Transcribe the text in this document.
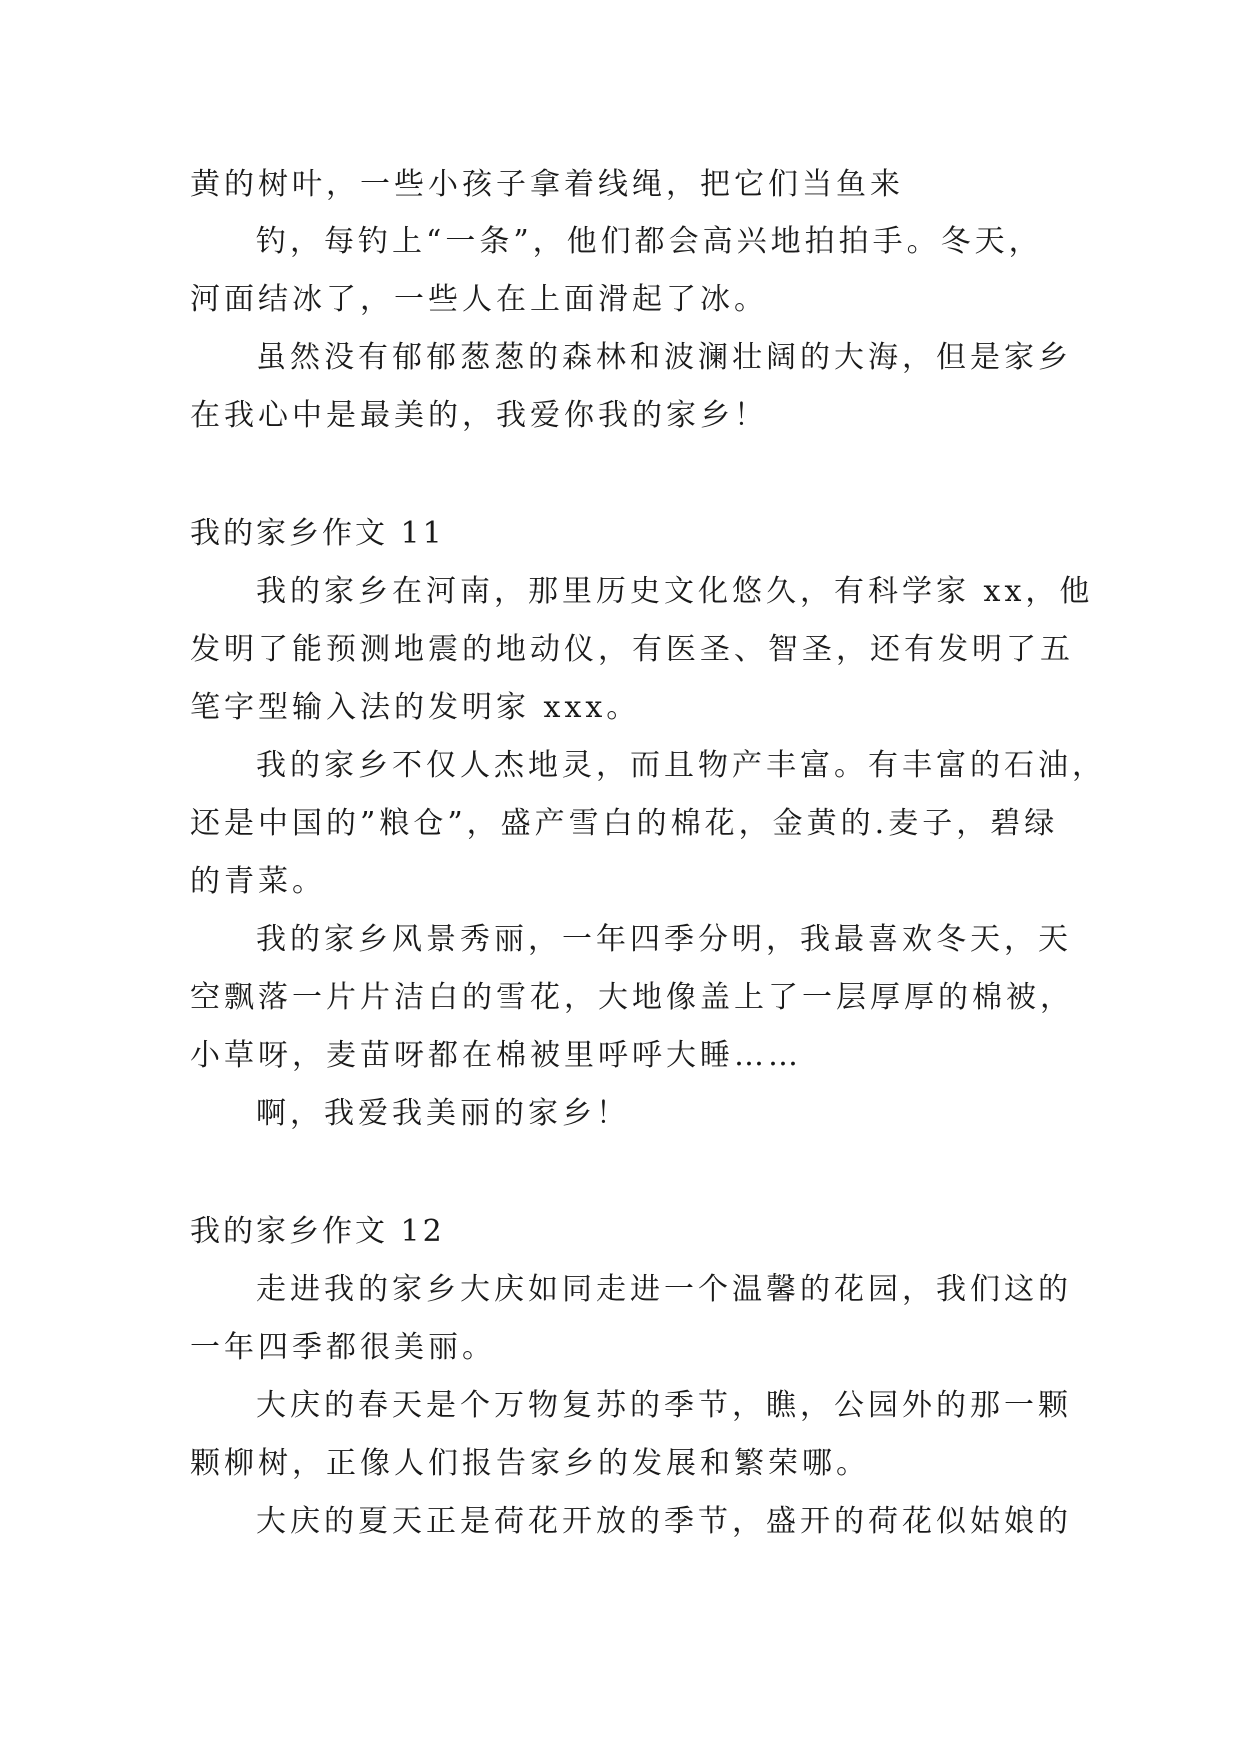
黄的树叶，一些小孩子拿着线绳，把它们当鱼来
钓，每钓上“一条”，他们都会高兴地拍拍手。冬天，
河面结冰了，一些人在上面滑起了冰。
虽然没有郁郁葱葱的森林和波澜壮阔的大海，但是家乡
在我心中是最美的，我爱你我的家乡！
我的家乡作文 11
我的家乡在河南，那里历史文化悠久，有科学家 xx，他
发明了能预测地震的地动仪，有医圣、智圣，还有发明了五
笔字型输入法的发明家 xxx。
我的家乡不仅人杰地灵，而且物产丰富。有丰富的石油，
还是中国的”粮仓”，盛产雪白的棉花，金黄的.麦子，碧绿
的青菜。
我的家乡风景秀丽，一年四季分明，我最喜欢冬天，天
空飘落一片片洁白的雪花，大地像盖上了一层厚厚的棉被，
小草呀，麦苗呀都在棉被里呼呼大睡……
啊，我爱我美丽的家乡！
我的家乡作文 12
走进我的家乡大庆如同走进一个温馨的花园，我们这的
一年四季都很美丽。
大庆的春天是个万物复苏的季节，瞧，公园外的那一颗
颗柳树，正像人们报告家乡的发展和繁荣哪。
大庆的夏天正是荷花开放的季节，盛开的荷花似姑娘的
